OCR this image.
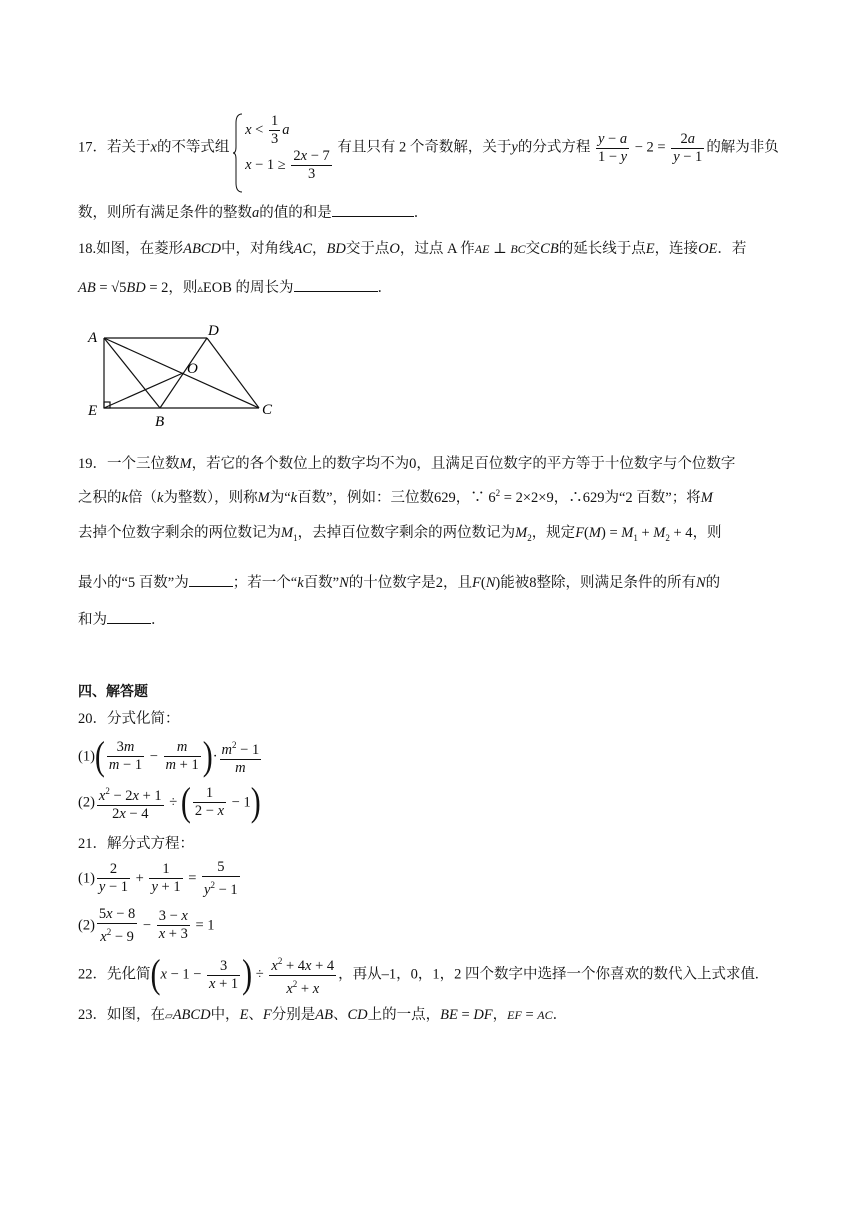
17．若关于x的不等式组
$x < \frac{1}{3}$ a
$x - 1 \ge \frac{2x - 7}{3}$
有且只有 2 个奇数解，关于y的分式方程 $\frac{y - a}{1 - y} - 2 = \frac{2a}{y - 1}$ 的解为非负
数，则所有满足条件的整数a的值的和是	．
18.如图，在菱形ABCD中，对角线AC，BD交于点O，过点 A 作AE ⊥ BC交CB的延长线于点E，连接OE．若
AB = √5BD = 2，则▵EOB 的周长为	．
A	D
O
E
B
C
19．一个三位数M，若它的各个数位上的数字均不为0，且满足百位数字的平方等于十位数字与个位数字
之积的k倍（k为整数），则称M为“k百数”，例如：三位数629，∵ $6^2 = 2\times 2\times 9$，∴629为“2 百数”；将M
去掉个位数字剩余的两位数记为$M_1$，去掉百位数字剩余的两位数记为$M_2$，规定$F(M) = M_1 + M_2 + 4$，则
最小的“5 百数”为	；若一个“k百数”N的十位数字是2，且F(N)能被8整除，则满足条件的所有N的
和为	．
四、解答题
20．分式化简：
$(1)( \frac{3m}{m - 1} - \frac{m}{m + 1}$ )· $\frac{m^2 - 1}{m}$
$(2) \frac{x^2 - 2x + 1}{2x - 4}$ ÷ ( $\frac{1}{2 - x} - 1$)
21．解分式方程：
$(1) \frac{2}{y - 1} + \frac{1}{y + 1} = \frac{5}{y^2 - 1}$
$(2) \frac{5x - 8}{x^2 - 9} - \frac{3 - x}{x + 3} = 1$
22．先化简($x - 1 - \frac{3}{x + 1}$ ) ÷ $\frac{x^2 + 4x + 4}{x^2 + x}$ ，再从–1，0，1，2 四个数字中选择一个你喜欢的数代入上式求值.
23．如图，在▱ABCD中，E、F分别是AB、CD上的一点，BE = DF，EF = AC．
